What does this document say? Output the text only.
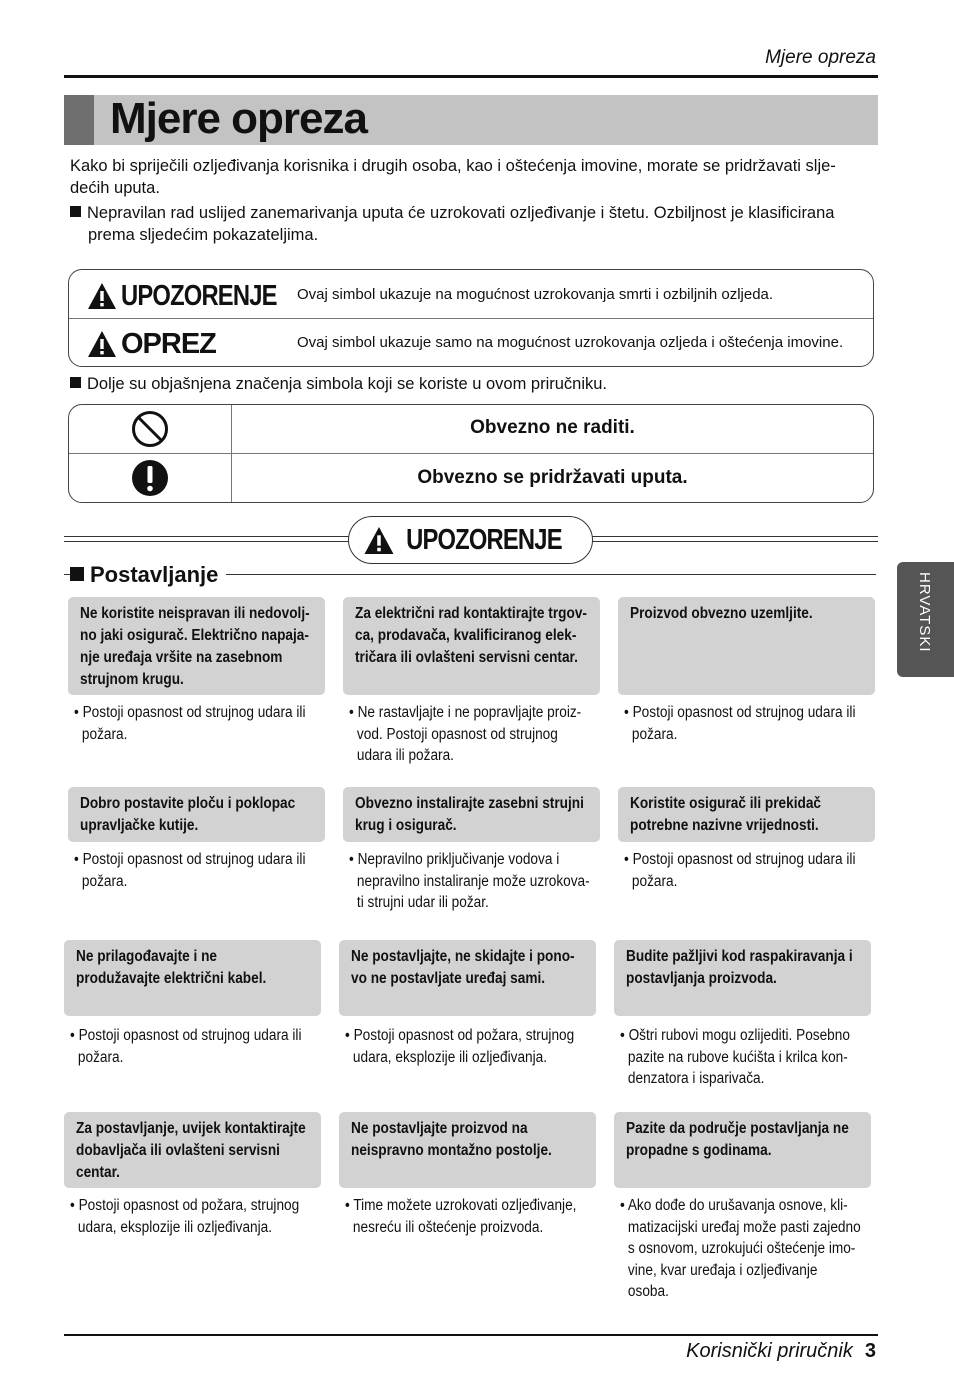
Mjere opreza
Mjere opreza
Kako bi spriječili ozljeđivanja korisnika i drugih osoba, kao i oštećenja imovine, morate se pridržavati slje-
dećih uputa.
Nepravilan rad uslijed zanemarivanja uputa će uzrokovati ozljeđivanje i štetu. Ozbiljnost je klasificirana
prema sljedećim pokazateljima.
UPOZORENJE Ovaj simbol ukazuje na mogućnost uzrokovanja smrti i ozbiljnih ozljeda.
OPREZ	Ovaj simbol ukazuje samo na mogućnost uzrokovanja ozljeda i oštećenja imovine.
Dolje su objašnjena značenja simbola koji se koriste u ovom priručniku.
Obvezno ne raditi.
Obvezno se pridržavati uputa.
UPOZORENJE
Postavljanje	HRVATSKI
Ne koristite neispravan ili nedovolj-
no jaki osigurač. Električno napaja-
nje uređaja vršite na zasebnom
strujnom krugu.
• Postoji opasnost od strujnog udara ili
požara.
Za električni rad kontaktirajte trgov-
ca, prodavača, kvalificiranog elek-
tričara ili ovlašteni servisni centar.
• Ne rastavljajte i ne popravljajte proiz-
vod. Postoji opasnost od strujnog
udara ili požara.
Proizvod obvezno uzemljite.
• Postoji opasnost od strujnog udara ili
požara.
Dobro postavite ploču i poklopac
upravljačke kutije.
• Postoji opasnost od strujnog udara ili
požara.
Obvezno instalirajte zasebni strujni
krug i osigurač.
• Nepravilno priključivanje vodova i
nepravilno instaliranje može uzrokova-
ti strujni udar ili požar.
Koristite osigurač ili prekidač
potrebne nazivne vrijednosti.
• Postoji opasnost od strujnog udara ili
požara.
Ne prilagođavajte i ne
produžavajte električni kabel.
• Postoji opasnost od strujnog udara ili
požara.
Ne postavljajte, ne skidajte i pono-
vo ne postavljate uređaj sami.
• Postoji opasnost od požara, strujnog
udara, eksplozije ili ozljeđivanja.
Budite pažljivi kod raspakiravanja i
postavljanja proizvoda.
• Oštri rubovi mogu ozlijediti. Posebno
pazite na rubove kućišta i krilca kon-
denzatora i isparivača.
Za postavljanje, uvijek kontaktirajte
dobavljača ili ovlašteni servisni
centar.
• Postoji opasnost od požara, strujnog
udara, eksplozije ili ozljeđivanja.
Ne postavljajte proizvod na
neispravno montažno postolje.
• Time možete uzrokovati ozljeđivanje,
nesreću ili oštećenje proizvoda.
Pazite da područje postavljanja ne
propadne s godinama.
• Ako dođe do urušavanja osnove, kli-
matizacijski uređaj može pasti zajedno
s osnovom, uzrokujući oštećenje imo-
vine, kvar uređaja i ozljeđivanje
osoba.
Korisnički priručnik 3
